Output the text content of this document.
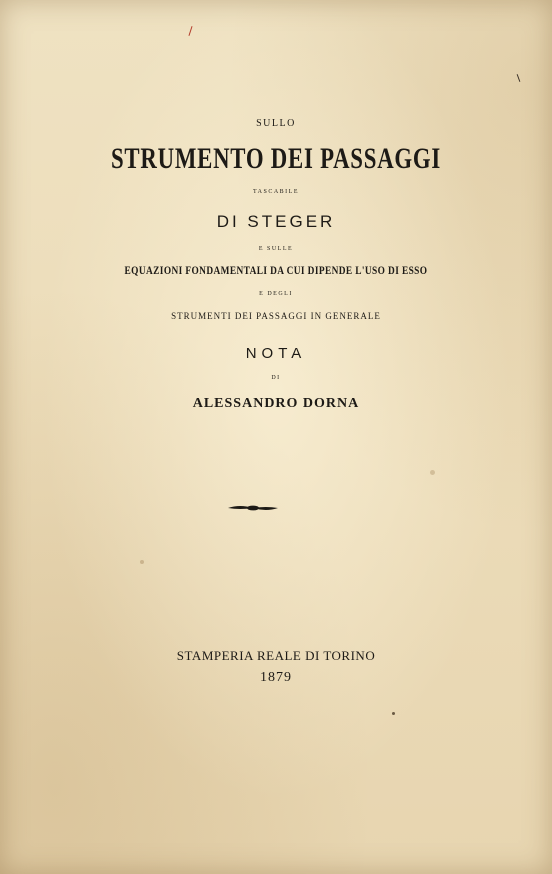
SULLO

STRUMENTO DEI PASSAGGI

TASCABILE

DI STEGER

E SULLE

EQUAZIONI FONDAMENTALI DA CUI DIPENDE L'USO DI ESSO

E DEGLI

STRUMENTI DEI PASSAGGI IN GENERALE

NOTA

DI

ALESSANDRO DORNA

STAMPERIA REALE DI TORINO

1879
